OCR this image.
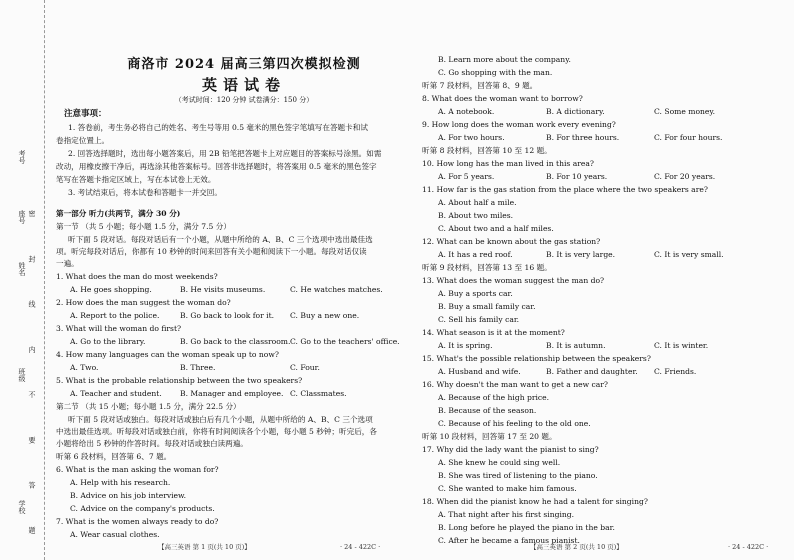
考号
座号
姓名
班级
学校 密 封 线 内 不 要 答 题
商洛市 2024 届高三第四次模拟检测
英语试卷
（考试时间：120 分钟 试卷满分：150 分）
注意事项：
1. 答卷前，考生务必将自己的姓名、考生号等用 0.5 毫米的黑色签字笔填写在答题卡和试
卷指定位置上。
2. 回答选择题时，选出每小题答案后，用 2B 铅笔把答题卡上对应题目的答案标号涂黑。如需
改动，用橡皮擦干净后，再选涂其他答案标号。回答非选择题时，将答案用 0.5 毫米的黑色签字
笔写在答题卡指定区域上，写在本试卷上无效。
3. 考试结束后，将本试卷和答题卡一并交回。
第一部分 听力(共两节，满分 30 分)
第一节 （共 5 小题；每小题 1.5 分，满分 7.5 分）
听下面 5 段对话。每段对话后有一个小题，从题中所给的 A、B、C 三个选项中选出最佳选
项。听完每段对话后，你都有 10 秒钟的时间来回答有关小题和阅读下一小题。每段对话仅读
一遍。
1. What does the man do most weekends?
A. He goes shopping.	B. He visits museums.	C. He watches matches.
2. How does the man suggest the woman do?
A. Report to the police.	B. Go back to look for it. C. Buy a new one.
3. What will the woman do first?
A. Go to the library.	B. Go back to the classroom. C. Go to the teachers' office.
4. How many languages can the woman speak up to now?
A. Two.	B. Three.	C. Four.
5. What is the probable relationship between the two speakers?
A. Teacher and student. B. Manager and employee. C. Classmates.
第二节 （共 15 小题；每小题 1.5 分，满分 22.5 分）
听下面 5 段对话或独白。每段对话或独白后有几个小题，从题中所给的 A、B、C 三个选项
中选出最佳选项。听每段对话或独白前，你将有时间阅读各个小题，每小题 5 秒钟；听完后，各
小题将给出 5 秒钟的作答时间。每段对话或独白读两遍。
听第 6 段材料，回答第 6、7 题。
6. What is the man asking the woman for?
A. Help with his research.
B. Advice on his job interview.
C. Advice on the company's products.
7. What is the women always ready to do?
A. Wear casual clothes.
B. Learn more about the company.
C. Go shopping with the man.
听第 7 段材料，回答第 8、9 题。
8. What does the woman want to borrow?
A. A notebook.	B. A dictionary.	C. Some money.
9. How long does the woman work every evening?
A. For two hours.	B. For three hours.	C. For four hours.
听第 8 段材料，回答第 10 至 12 题。
10. How long has the man lived in this area?
A. For 5 years.	B. For 10 years.	C. For 20 years.
11. How far is the gas station from the place where the two speakers are?
A. About half a mile.
B. About two miles.
C. About two and a half miles.
12. What can be known about the gas station?
A. It has a red roof.	B. It is very large.	C. It is very small.
听第 9 段材料，回答第 13 至 16 题。
13. What does the woman suggest the man do?
A. Buy a sports car.
B. Buy a small family car.
C. Sell his family car.
14. What season is it at the moment?
A. It is spring.	B. It is autumn.	C. It is winter.
15. What's the possible relationship between the speakers?
A. Husband and wife.	B. Father and daughter. C. Friends.
16. Why doesn't the man want to get a new car?
A. Because of the high price.
B. Because of the season.
C. Because of his feeling to the old one.
听第 10 段材料，回答第 17 至 20 题。
17. Why did the lady want the pianist to sing?
A. She knew he could sing well.
B. She was tired of listening to the piano.
C. She wanted to make him famous.
18. When did the pianist know he had a talent for singing?
A. That night after his first singing.
B. Long before he played the piano in the bar.
C. After he became a famous pianist.
【高三英语 第 1 页(共 10 页)】	· 24 - 422C ·	【高三英语 第 2 页(共 10 页)】	· 24 - 422C ·
